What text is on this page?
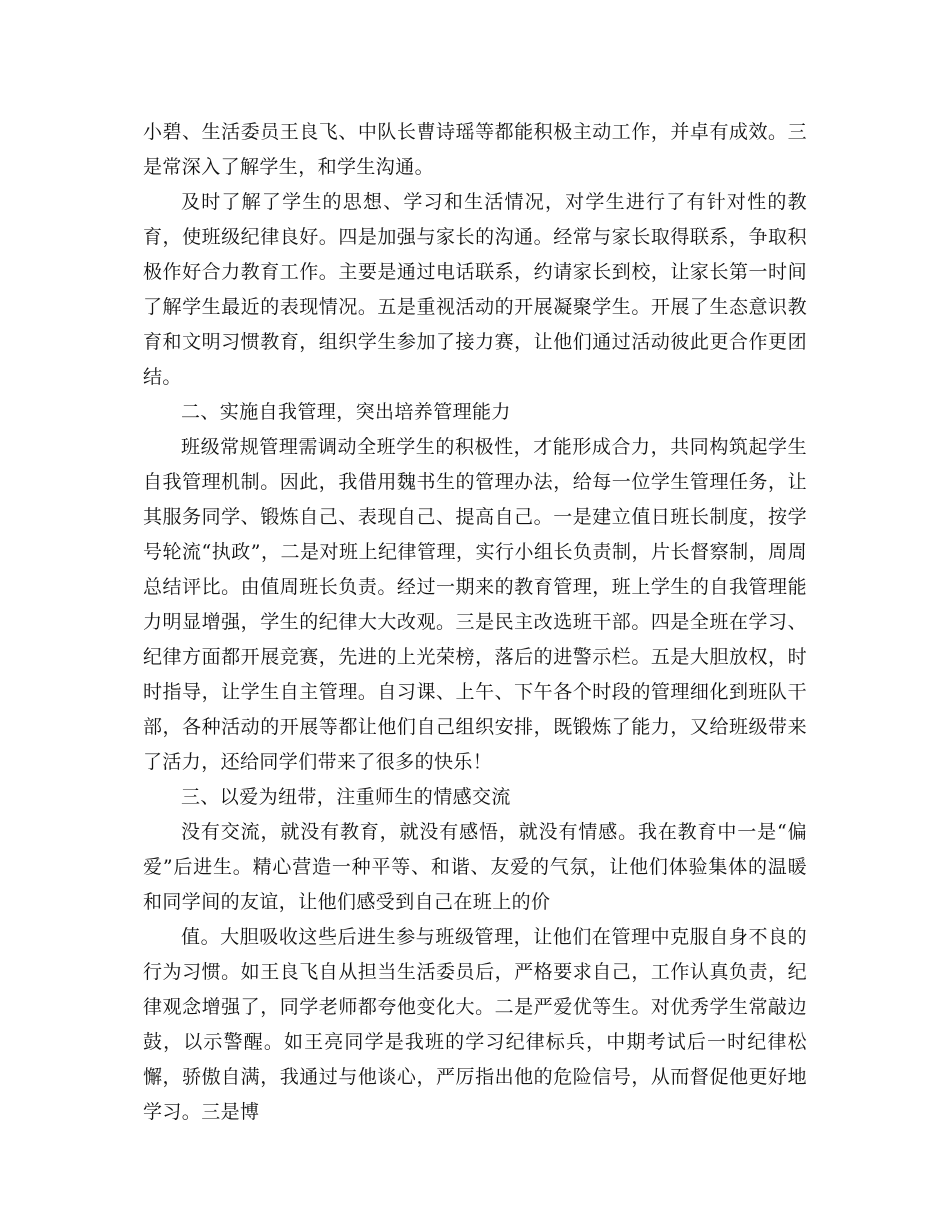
小碧、生活委员王良飞、中队长曹诗瑶等都能积极主动工作，并卓有成效。三是常深入了解学生，和学生沟通。

及时了解了学生的思想、学习和生活情况，对学生进行了有针对性的教育，使班级纪律良好。四是加强与家长的沟通。经常与家长取得联系，争取积极作好合力教育工作。主要是通过电话联系，约请家长到校，让家长第一时间了解学生最近的表现情况。五是重视活动的开展凝聚学生。开展了生态意识教育和文明习惯教育，组织学生参加了接力赛，让他们通过活动彼此更合作更团结。

二、实施自我管理，突出培养管理能力

班级常规管理需调动全班学生的积极性，才能形成合力，共同构筑起学生自我管理机制。因此，我借用魏书生的管理办法，给每一位学生管理任务，让其服务同学、锻炼自己、表现自己、提高自己。一是建立值日班长制度，按学号轮流“执政”，二是对班上纪律管理，实行小组长负责制，片长督察制，周周总结评比。由值周班长负责。经过一期来的教育管理，班上学生的自我管理能力明显增强，学生的纪律大大改观。三是民主改选班干部。四是全班在学习、纪律方面都开展竞赛，先进的上光荣榜，落后的进警示栏。五是大胆放权，时时指导，让学生自主管理。自习课、上午、下午各个时段的管理细化到班队干部，各种活动的开展等都让他们自己组织安排，既锻炼了能力，又给班级带来了活力，还给同学们带来了很多的快乐！

三、以爱为纽带，注重师生的情感交流

没有交流，就没有教育，就没有感悟，就没有情感。我在教育中一是“偏爱”后进生。精心营造一种平等、和谐、友爱的气氛，让他们体验集体的温暖和同学间的友谊，让他们感受到自己在班上的价

值。大胆吸收这些后进生参与班级管理，让他们在管理中克服自身不良的行为习惯。如王良飞自从担当生活委员后，严格要求自己，工作认真负责，纪律观念增强了，同学老师都夸他变化大。二是严爱优等生。对优秀学生常敲边鼓，以示警醒。如王亮同学是我班的学习纪律标兵，中期考试后一时纪律松懈，骄傲自满，我通过与他谈心，严厉指出他的危险信号，从而督促他更好地学习。三是博
